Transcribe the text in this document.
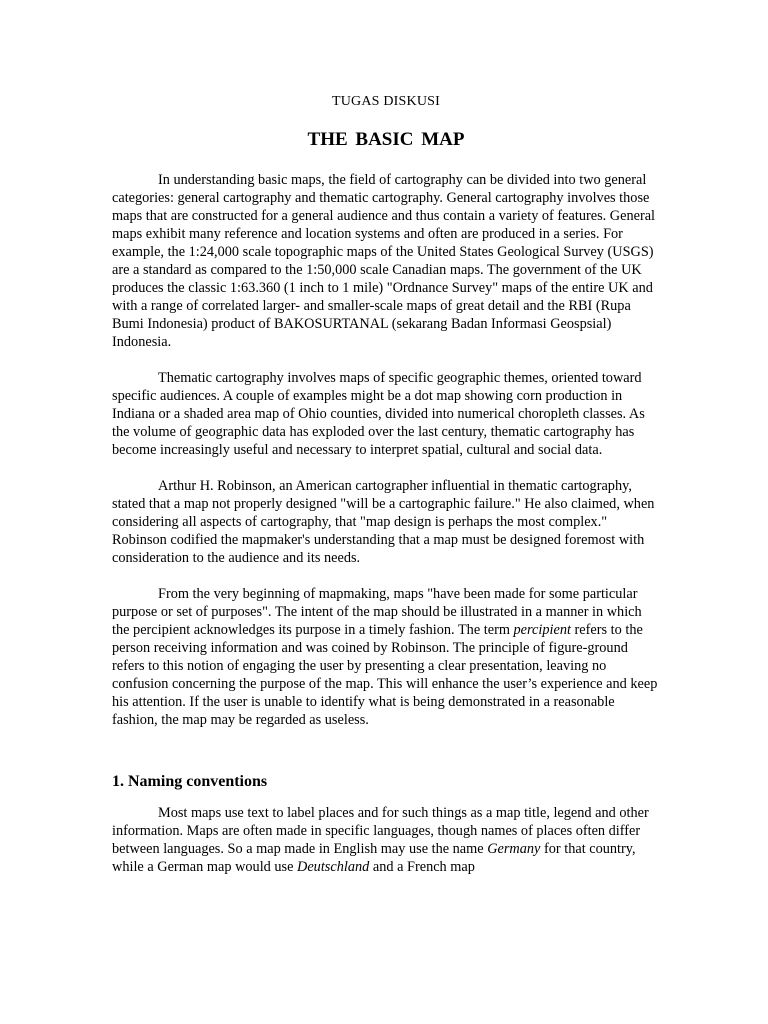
TUGAS DISKUSI
THE BASIC MAP

In understanding basic maps, the field of cartography can be divided into two general categories: general cartography and thematic cartography. General cartography involves those maps that are constructed for a general audience and thus contain a variety of features. General maps exhibit many reference and location systems and often are produced in a series. For example, the 1:24,000 scale topographic maps of the United States Geological Survey (USGS) are a standard as compared to the 1:50,000 scale Canadian maps. The government of the UK produces the classic 1:63.360 (1 inch to 1 mile) "Ordnance Survey" maps of the entire UK and with a range of correlated larger- and smaller-scale maps of great detail and the RBI (Rupa Bumi Indonesia) product of BAKOSURTANAL (sekarang Badan Informasi Geospsial) Indonesia.

Thematic cartography involves maps of specific geographic themes, oriented toward specific audiences. A couple of examples might be a dot map showing corn production in Indiana or a shaded area map of Ohio counties, divided into numerical choropleth classes. As the volume of geographic data has exploded over the last century, thematic cartography has become increasingly useful and necessary to interpret spatial, cultural and social data.

Arthur H. Robinson, an American cartographer influential in thematic cartography, stated that a map not properly designed "will be a cartographic failure." He also claimed, when considering all aspects of cartography, that "map design is perhaps the most complex." Robinson codified the mapmaker's understanding that a map must be designed foremost with consideration to the audience and its needs.

From the very beginning of mapmaking, maps "have been made for some particular purpose or set of purposes". The intent of the map should be illustrated in a manner in which the percipient acknowledges its purpose in a timely fashion. The term percipient refers to the person receiving information and was coined by Robinson. The principle of figure-ground refers to this notion of engaging the user by presenting a clear presentation, leaving no confusion concerning the purpose of the map. This will enhance the user’s experience and keep his attention. If the user is unable to identify what is being demonstrated in a reasonable fashion, the map may be regarded as useless.

1. Naming conventions

Most maps use text to label places and for such things as a map title, legend and other information. Maps are often made in specific languages, though names of places often differ between languages. So a map made in English may use the name Germany for that country, while a German map would use Deutschland and a French map
